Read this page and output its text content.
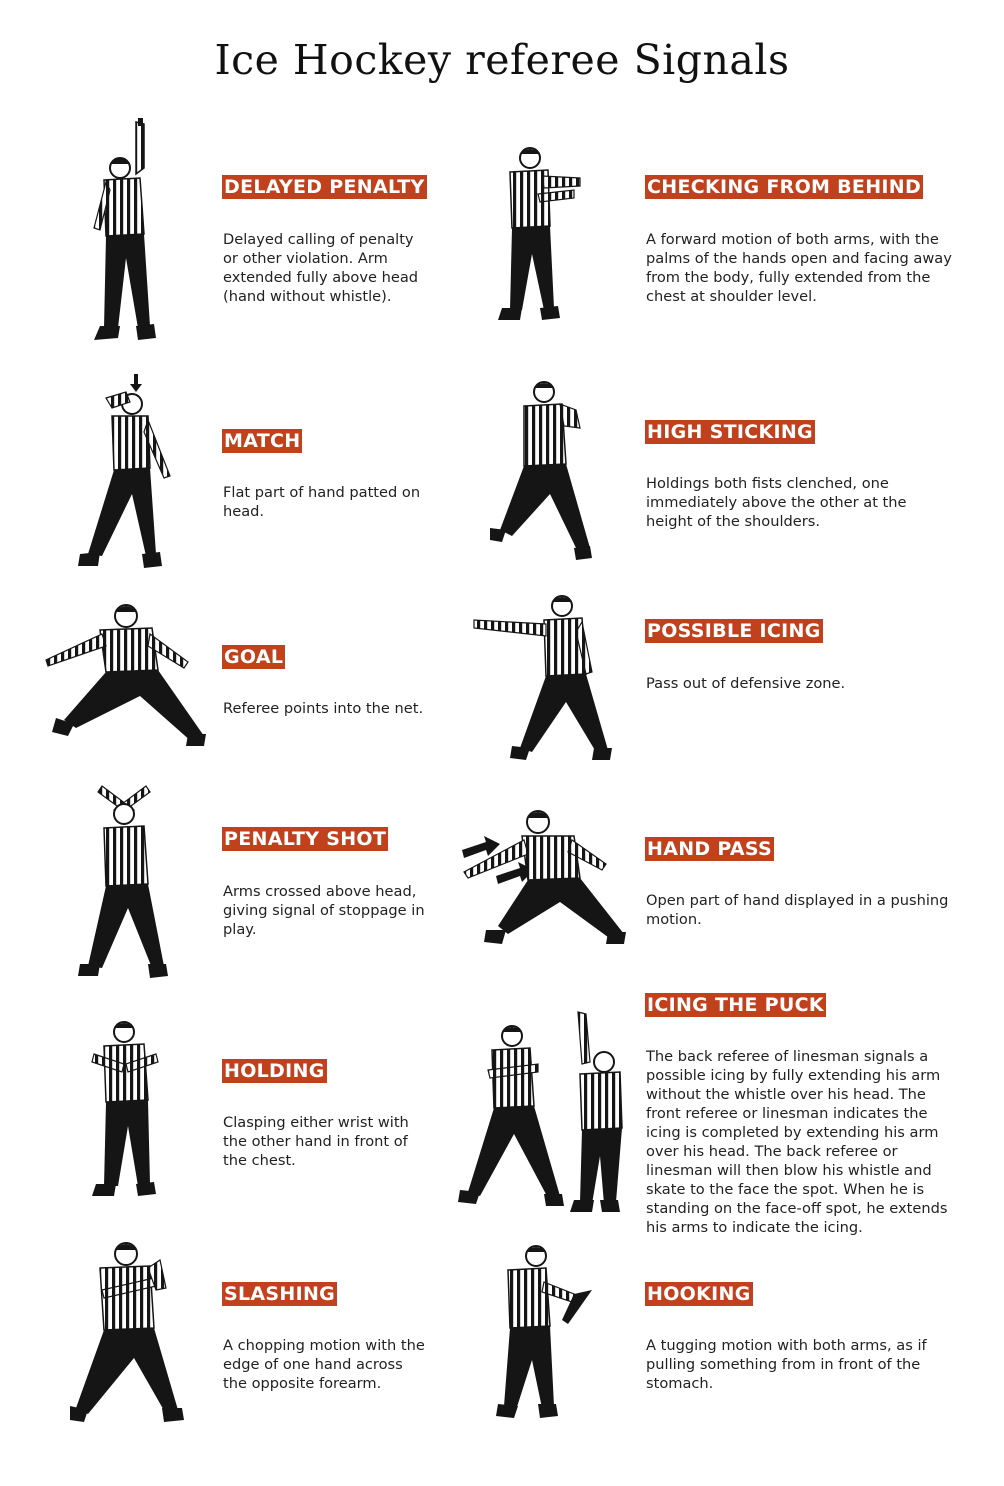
Ice Hockey referee Signals
DELAYED PENALTY
Delayed calling of penalty
or other violation. Arm
extended fully above head
(hand without whistle).
CHECKING FROM BEHIND
A forward motion of both arms, with the
palms of the hands open and facing away
from the body, fully extended from the
chest at shoulder level.
MATCH
Flat part of hand patted on
head.
HIGH STICKING
Holdings both fists clenched, one
immediately above the other at the
height of the shoulders.
GOAL
Referee points into the net.
POSSIBLE ICING
Pass out of defensive zone.
PENALTY SHOT
Arms crossed above head,
giving signal of stoppage in
play.
HAND PASS
Open part of hand displayed in a pushing
motion.
HOLDING
Clasping either wrist with
the other hand in front of
the chest.
ICING THE PUCK
The back referee of linesman signals a
possible icing by fully extending his arm
without the whistle over his head. The
front referee or linesman indicates the
icing is completed by extending his arm
over his head. The back referee or
linesman will then blow his whistle and
skate to the face the spot. When he is
standing on the face-off spot, he extends
his arms to indicate the icing.
SLASHING
A chopping motion with the
edge of one hand across
the opposite forearm.
HOOKING
A tugging motion with both arms, as if
pulling something from in front of the
stomach.
